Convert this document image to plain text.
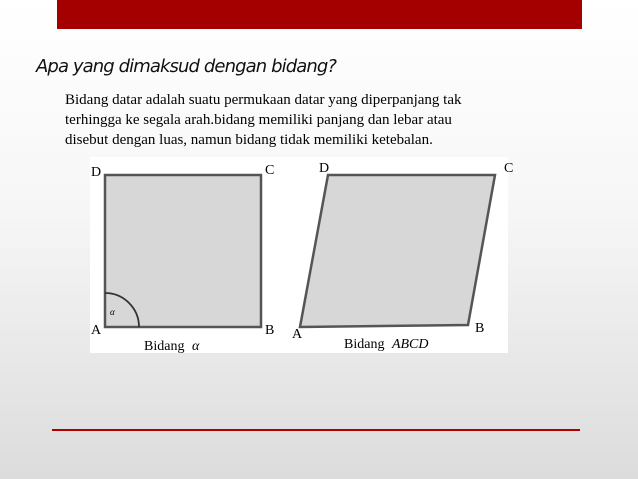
Apa yang dimaksud dengan bidang?

Bidang datar adalah suatu permukaan datar yang diperpanjang tak
terhingga ke segala arah.bidang memiliki panjang dan lebar atau
disebut dengan luas, namun bidang tidak memiliki ketebalan.

α
D	C
A	B
Bidang α
D	C
A	B
Bidang ABCD
